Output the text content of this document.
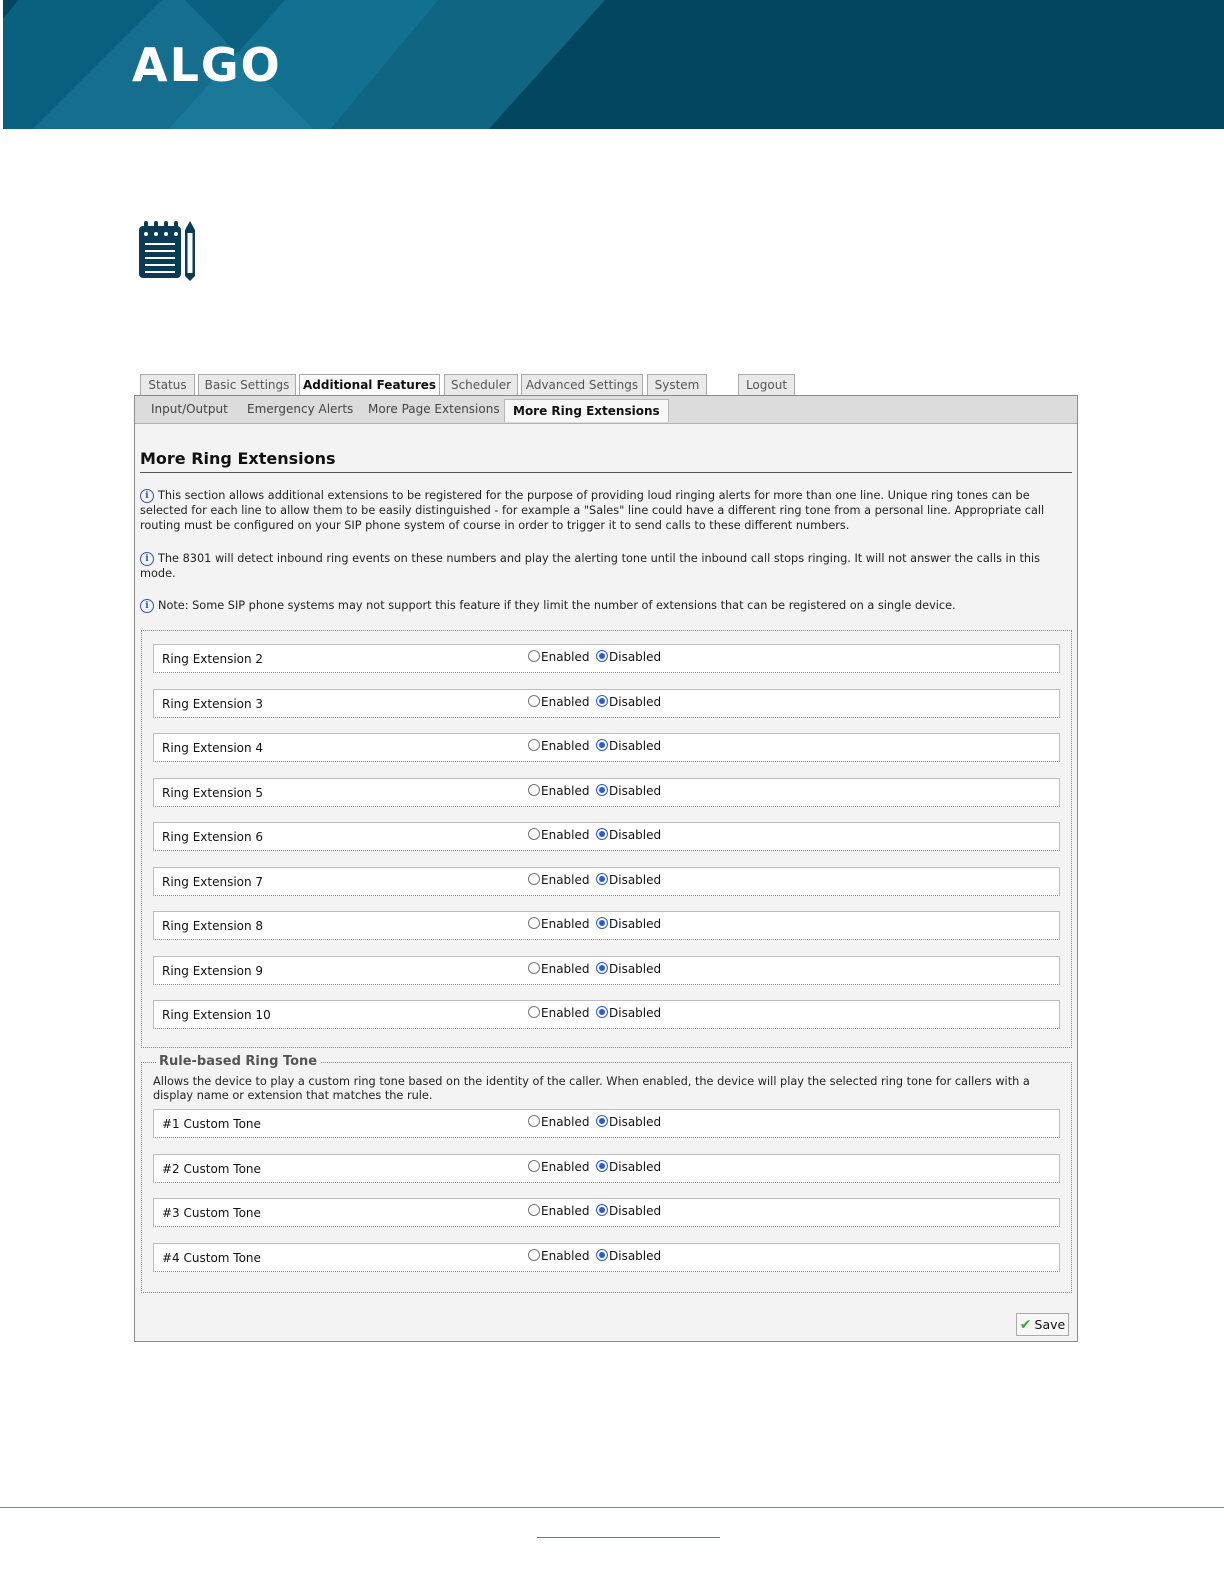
ALGO
Status	Basic Settings	Additional Features	Scheduler	Advanced Settings	System	Logout
Input/Output Emergency Alerts More Page Extensions	More Ring Extensions
More Ring Extensions
i This section allows additional extensions to be registered for the purpose of providing loud ringing alerts for more than one line. Unique ring tones can be selected for each line to allow them to be easily distinguished - for example a "Sales" line could have a different ring tone from a personal line. Appropriate call routing must be configured on your SIP phone system of course in order to trigger it to send calls to these different numbers.
i The 8301 will detect inbound ring events on these numbers and play the alerting tone until the inbound call stops ringing. It will not answer the calls in this mode.
i Note: Some SIP phone systems may not support this feature if they limit the number of extensions that can be registered on a single device.
Ring Extension 2	Enabled Disabled
Ring Extension 3	Enabled Disabled
Ring Extension 4	Enabled Disabled
Ring Extension 5	Enabled Disabled
Ring Extension 6	Enabled Disabled
Ring Extension 7	Enabled Disabled
Ring Extension 8	Enabled Disabled
Ring Extension 9	Enabled Disabled
Ring Extension 10	Enabled Disabled
Rule-based Ring Tone
Allows the device to play a custom ring tone based on the identity of the caller. When enabled, the device will play the selected ring tone for callers with a display name or extension that matches the rule.
#1 Custom Tone	Enabled Disabled
#2 Custom Tone	Enabled Disabled
#3 Custom Tone	Enabled Disabled
#4 Custom Tone	Enabled Disabled
✔ Save
